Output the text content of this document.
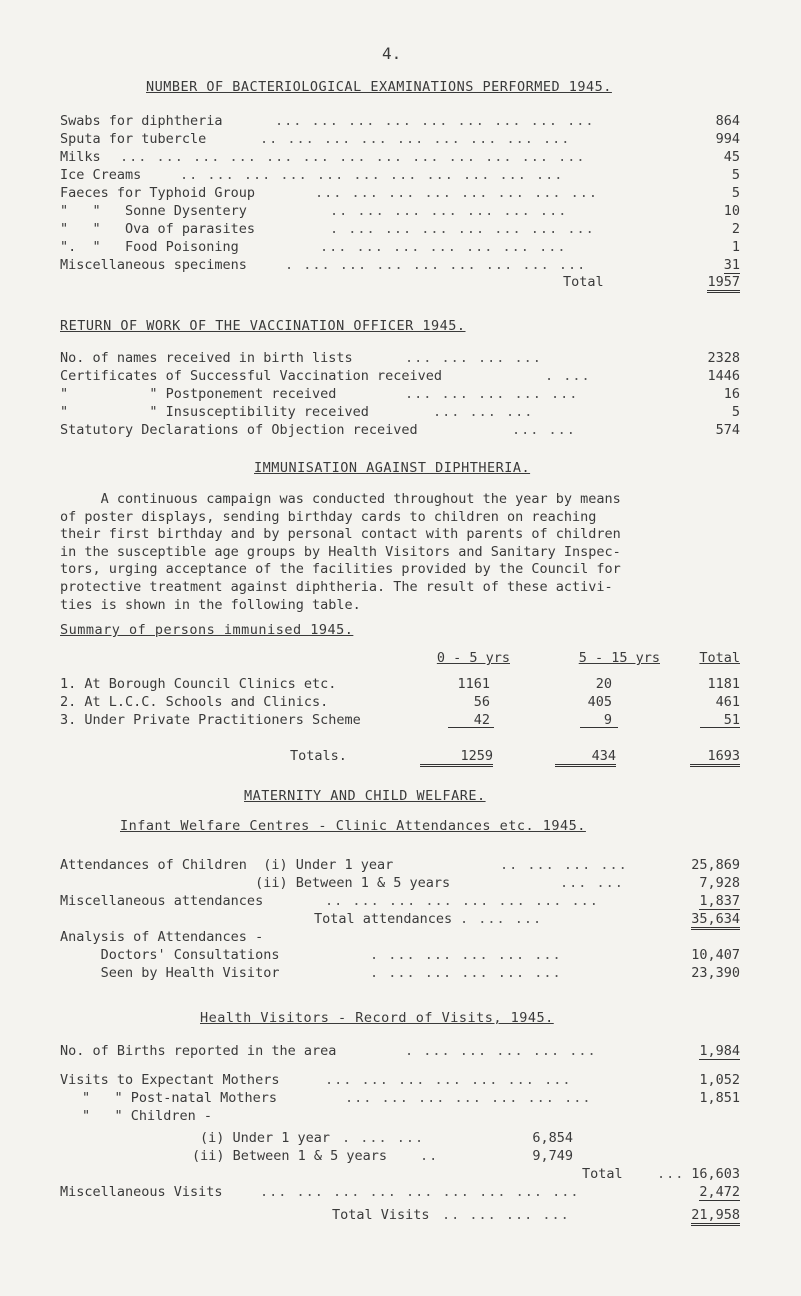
4.
NUMBER OF BACTERIOLOGICAL EXAMINATIONS PERFORMED 1945.
Swabs for diphtheria	... ... ... ... ... ... ... ... ...	864
Sputa for tubercle	.. ... ... ... ... ... ... ... ...	994
Milks ... ... ... ... ... ... ... ... ... ... ... ... ...	45
Ice Creams	.. ... ... ... ... ... ... ... ... ... ...	5
Faeces for Typhoid Group	... ... ... ... ... ... ... ...	5
"   "   Sonne Dysentery	.. ... ... ... ... ... ...	10
"   "   Ova of parasites	. ... ... ... ... ... ... ...	2
".  "   Food Poisoning	... ... ... ... ... ... ...	1
Miscellaneous specimens	. ... ... ... ... ... ... ... ...	31
Total	1957
RETURN OF WORK OF THE VACCINATION OFFICER 1945.
No. of names received in birth lists	... ... ... ...	2328
Certificates of Successful Vaccination received	. ...	1446
"          " Postponement received	... ... ... ... ...	16
"          " Insusceptibility received	... ... ...	5
Statutory Declarations of Objection received	... ...	574
IMMUNISATION AGAINST DIPHTHERIA.
A continuous campaign was conducted throughout the year by means
of poster displays, sending birthday cards to children on reaching
their first birthday and by personal contact with parents of children
in the susceptible age groups by Health Visitors and Sanitary Inspec-
tors, urging acceptance of the facilities provided by the Council for
protective treatment against diphtheria. The result of these activi-
ties is shown in the following table.
Summary of persons immunised 1945.
0 - 5 yrs	5 - 15 yrs	Total
1. At Borough Council Clinics etc.	1161	20	1181
2. At L.C.C. Schools and Clinics.	56	405	461
3. Under Private Practitioners Scheme	42	9	51
Totals.	1259	434	1693
MATERNITY AND CHILD WELFARE.
Infant Welfare Centres - Clinic Attendances etc. 1945.
Attendances of Children  (i) Under 1 year	.. ... ... ...	25,869
(ii) Between 1 & 5 years	... ...	7,928
Miscellaneous attendances	.. ... ... ... ... ... ... ...	1,837
Total attendances . ... ...	35,634
Analysis of Attendances -
Doctors' Consultations	. ... ... ... ... ...	10,407
Seen by Health Visitor	. ... ... ... ... ...	23,390
Health Visitors - Record of Visits, 1945.
No. of Births reported in the area	. ... ... ... ... ...	1,984
Visits to Expectant Mothers	... ... ... ... ... ... ...	1,052
"   " Post-natal Mothers	... ... ... ... ... ... ...	1,851
"   " Children -
(i) Under 1 year . ... ...	6,854
(ii) Between 1 & 5 years ..	9,749
Total	... 16,603
Miscellaneous Visits	... ... ... ... ... ... ... ... ...	2,472
Total Visits .. ... ... ...	21,958
